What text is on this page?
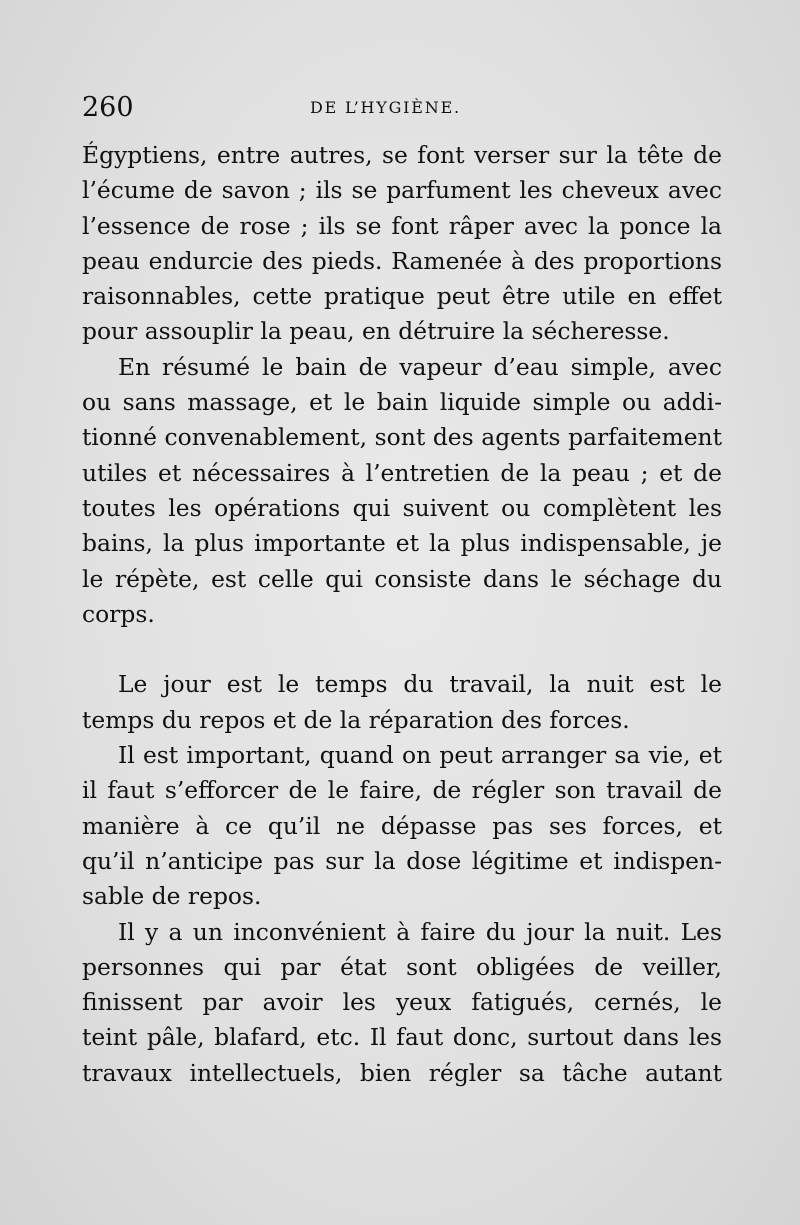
260	DE L’HYGIÈNE.
Égyptiens, entre autres, se font verser sur la tête de
l’écume de savon ; ils se parfument les cheveux avec
l’essence de rose ; ils se font râper avec la ponce la
peau endurcie des pieds. Ramenée à des proportions
raisonnables, cette pratique peut être utile en effet
pour assouplir la peau, en détruire la sécheresse.
En résumé le bain de vapeur d’eau simple, avec
ou sans massage, et le bain liquide simple ou addi-
tionné convenablement, sont des agents parfaitement
utiles et nécessaires à l’entretien de la peau ; et de
toutes les opérations qui suivent ou complètent les
bains, la plus importante et la plus indispensable, je
le répète, est celle qui consiste dans le séchage du
corps.
Le jour est le temps du travail, la nuit est le
temps du repos et de la réparation des forces.
Il est important, quand on peut arranger sa vie, et
il faut s’efforcer de le faire, de régler son travail de
manière à ce qu’il ne dépasse pas ses forces, et
qu’il n’anticipe pas sur la dose légitime et indispen-
sable de repos.
Il y a un inconvénient à faire du jour la nuit. Les
personnes qui par état sont obligées de veiller,
finissent par avoir les yeux fatigués, cernés, le
teint pâle, blafard, etc. Il faut donc, surtout dans les
travaux intellectuels, bien régler sa tâche autant
